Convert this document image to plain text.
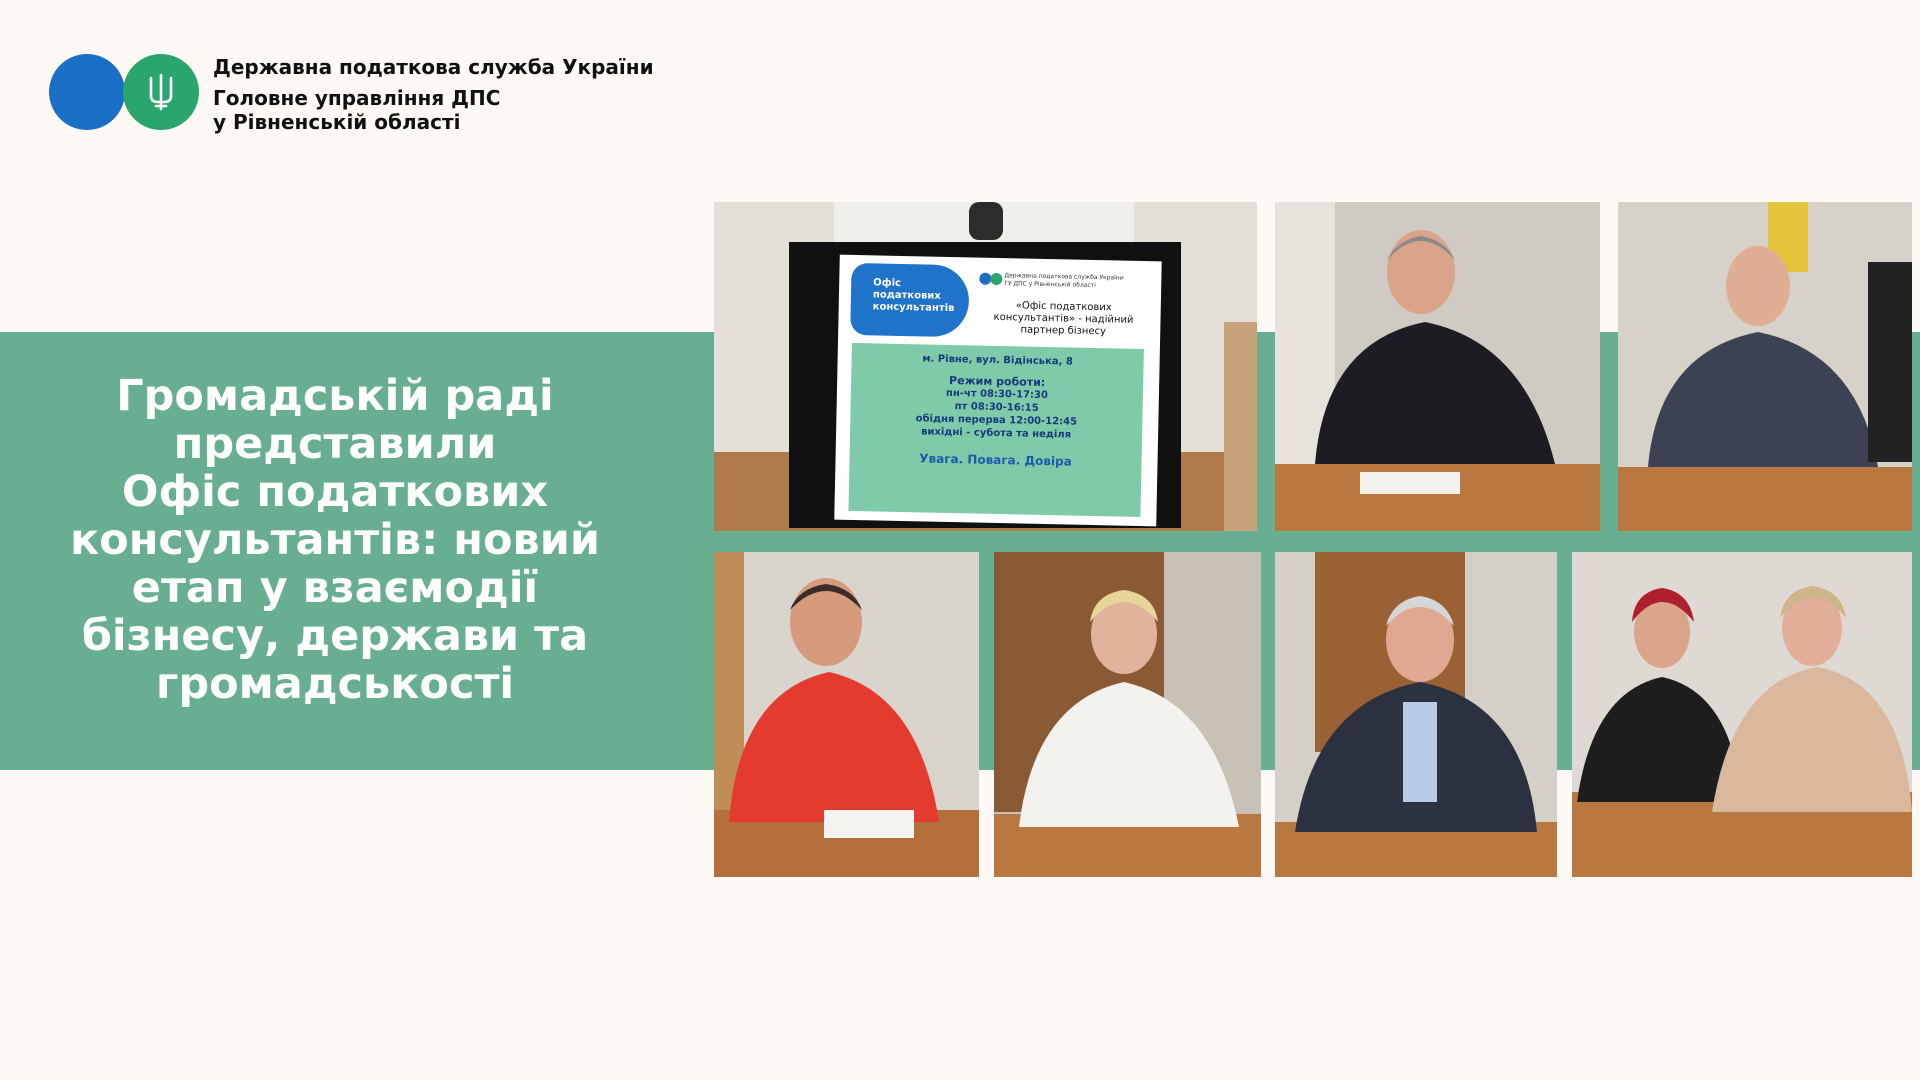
Державна податкова служба України
Головне управління ДПС
у Рівненській області
Громадській раді
представили
Офіс податкових
консультантів: новий
етап у взаємодії
бізнесу, держави та
громадськості
Офіс
податкових
консультантів
Державна податкова служба України
ГУ ДПС у Рівненській області
«Офіс податкових
консультантів» - надійний
партнер бізнесу
м. Рівне, вул. Відінська, 8
Режим роботи:
пн-чт 08:30-17:30
пт 08:30-16:15
обідня перерва 12:00-12:45
вихідні - субота та неділя
Увага. Повага. Довіра
